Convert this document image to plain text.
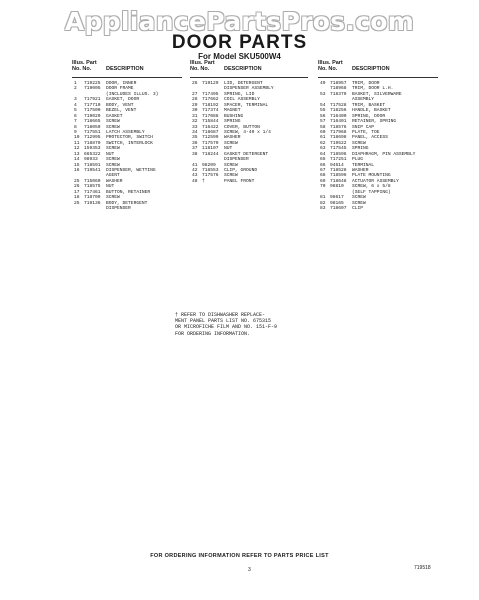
AppliancePartsPros.com
DOOR PARTS
For Model SKU500W4
Illus. Part
No. No.	DESCRIPTION
1 719225 DOOR, INNER
2 719005 DOOR FRAME
(INCLUDES ILLUS. 3)
3 717921 GASKET, DOOR
4 717710 BODY, VENT
5 717500 BEZEL, VENT
6 719020 GASKET
7 718665 SCREW
8 718050 SCREW
9 717551 LATCH ASSEMBLY
10 712995 PROTECTOR, SWITCH
11 718870 SWITCH, INTERLOCK
12 159353 SCREW
13 665322 NUT
14 98933 SCREW
15 718591 SCREW
16 719541 DISPENSER, WETTING
AGENT
25 715060 WASHER
26 718575 NUT
17 717461 BUTTON, RETAINER
18 718709 SCREW
25 719136 BODY, DETERGENT
DISPENSER
Illus. Part
No. No.	DESCRIPTION
26 719129 LID, DETERGENT
DISPENSER ASSEMBLY
27 717495 SPRING, LID
28 717662 COIL ASSEMBLY
29 718192 SPACER, TERMINAL
30 717374 MAGNET
31 717088 BUSHING
32 715844 SPRING
33 716422 COVER, BUTTON
34 718687 SCREW, 4-40 x 1/4
35 712599 WASHER
36 717570 SCREW
37 118107 NUT
38 718244 GASKET DETERGENT
DISPENSER
41 98209 SCREW
42 718553 CLIP, GROUND
43 717576 SCREW
48 †	PANEL FRONT
Illus. Part
No. No.	DESCRIPTION
49 718957 TRIM, DOOR
718968 TRIM, DOOR L.H.
53 718379 BASKET, SILVERWARE
ASSEMBLY
54 717528 TRIM, BASKET
55 718256 HANDLE, BASKET
56 716400 SPRING, DOOR
57 716401 RETAINER, SPRING
58 718576 SNIP CAP
60 717968 PLATE, TOE
61 718698 PANEL, ACCESS
62 719522 SCREW
63 717545 SPRING
64 718596 DIAPHRAGM, PIN ASSEMBLY
65 717251 PLUG
66 94614 TERMINAL
67 718528 WASHER
68 718596 PLATE MOUNTING
69 718648 ACTUATOR ASSEMBLY
70 98810 SCREW, 6 x 5/8
(SELF TAPPING)
81 98617 SCREW
82 98165 SCREW
83 718607 CLIP
† REFER TO DISHWASHER REPLACE-
MENT PANEL PARTS LIST NO. 675315
OR MICROFICHE FILM AND NO. 151-F-9
FOR ORDERING INFORMATION.
FOR ORDERING INFORMATION REFER TO PARTS PRICE LIST
3	719518
